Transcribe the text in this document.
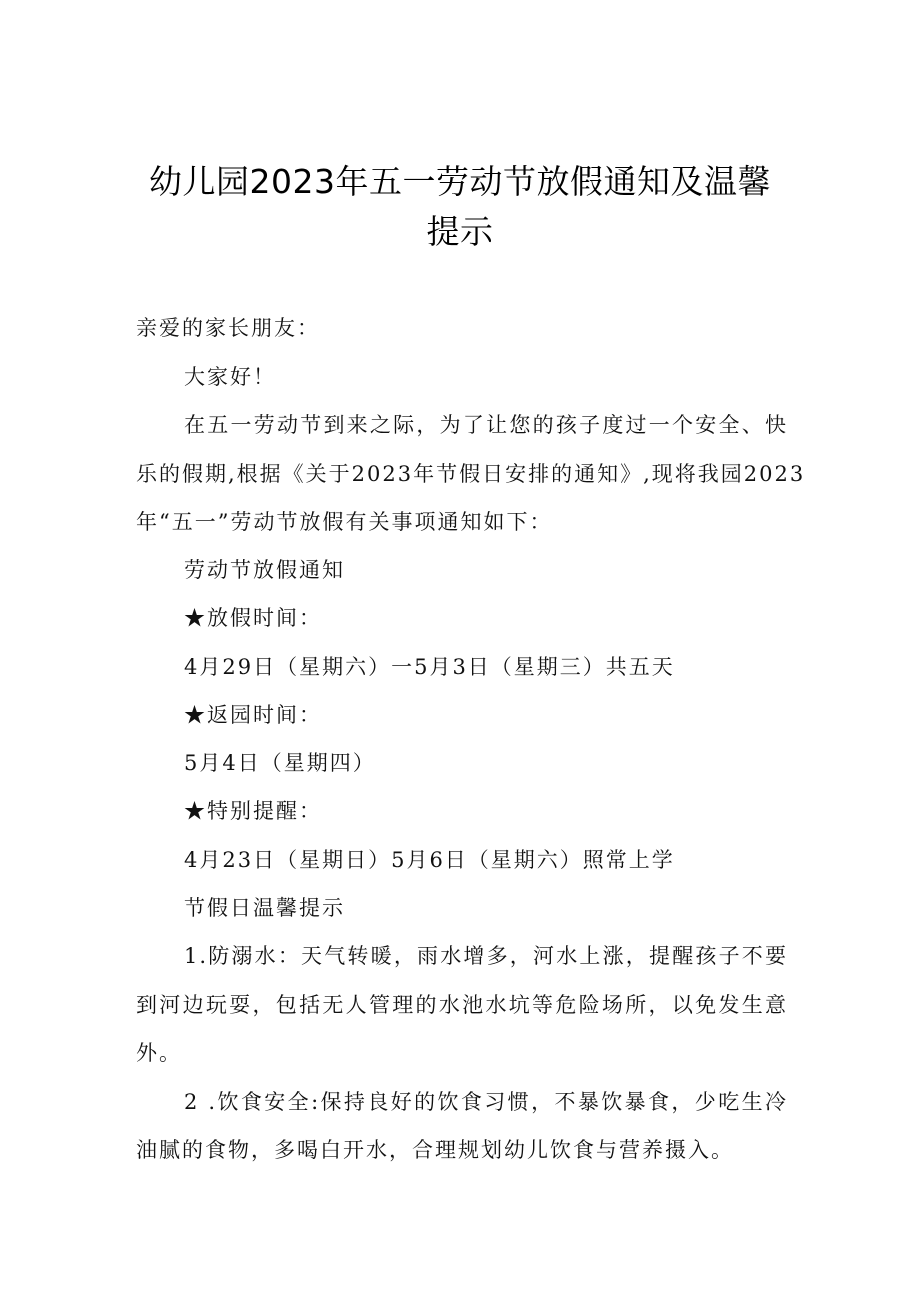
幼儿园2023年五一劳动节放假通知及温馨
提示
亲爱的家长朋友：
大家好！
在五一劳动节到来之际，为了让您的孩子度过一个安全、快
乐的假期,根据《关于2023年节假日安排的通知》,现将我园2023
年“五一”劳动节放假有关事项通知如下：
劳动节放假通知
★放假时间：
4月29日（星期六）一5月3日（星期三）共五天
★返园时间：
5月4日（星期四）
★特别提醒：
4月23日（星期日）5月6日（星期六）照常上学
节假日温馨提示
1.防溺水：天气转暖，雨水增多，河水上涨，提醒孩子不要
到河边玩耍，包括无人管理的水池水坑等危险场所，以免发生意
外。
2 .饮食安全:保持良好的饮食习惯，不暴饮暴食，少吃生冷
油腻的食物，多喝白开水，合理规划幼儿饮食与营养摄入。
